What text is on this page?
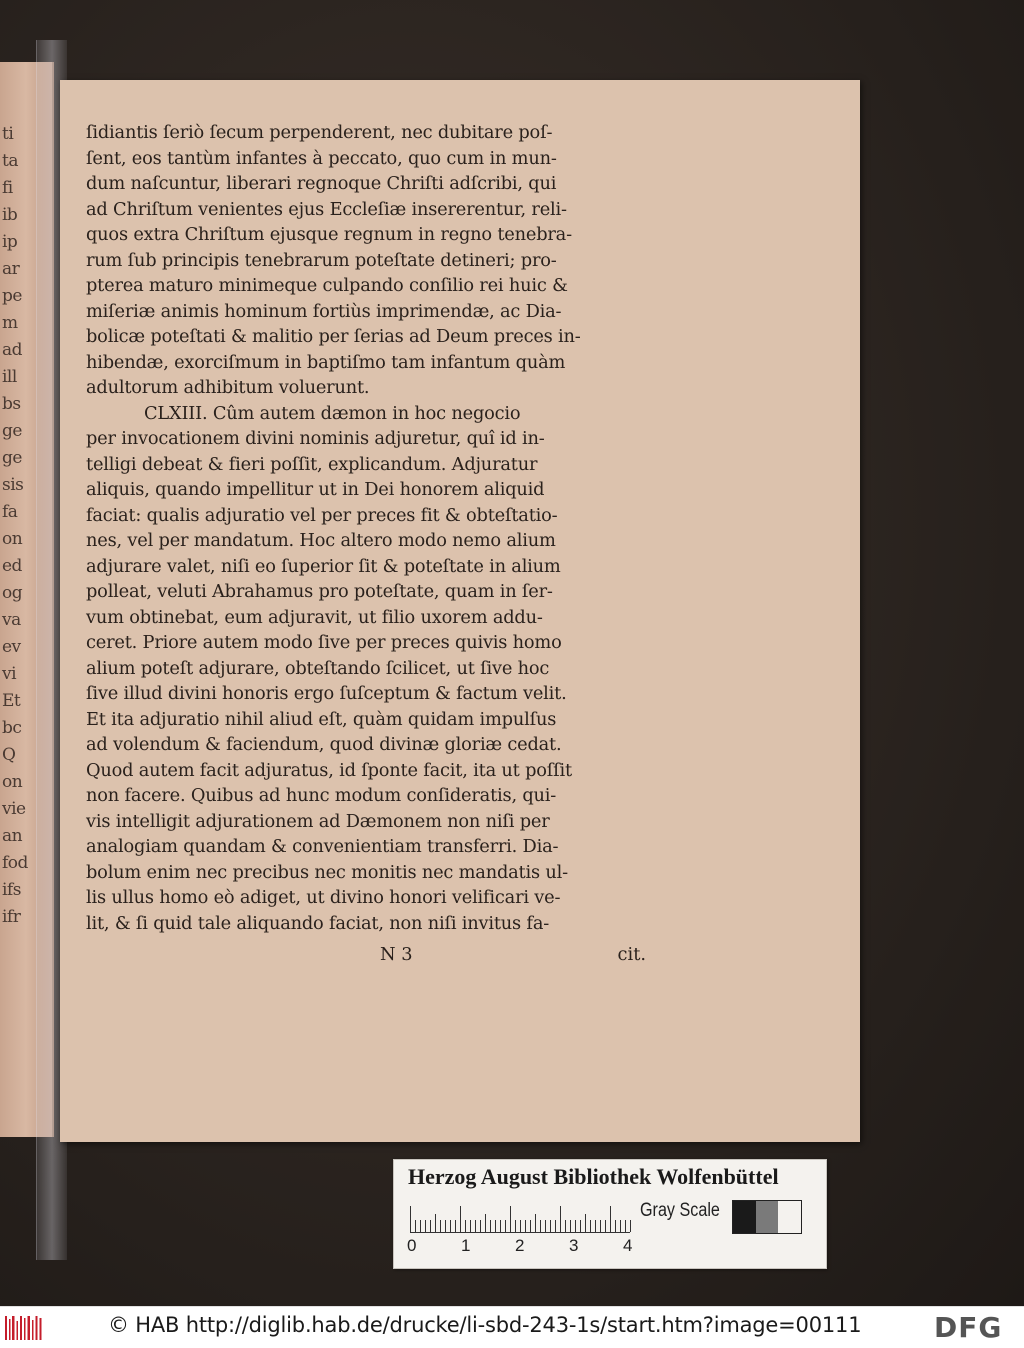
ti
ta
fi
ib
ip
ar
pe
m
ad
ill
bs
ge
ge
sis
fa
on
ed
og
va
ev
vi
Et
bc
Q
on
vie
an
fod
ifs
ifr
ſidiantis ſeriò ſecum perpenderent, nec dubitare poſ-
ſent, eos tantùm infantes à peccato, quo cum in mun-
dum naſcuntur, liberari regnoque Chriſti adſcribi, qui
ad Chriſtum venientes ejus Eccleſiæ insererentur, reli-
quos extra Chriſtum ejusque regnum in regno tenebra-
rum ſub principis tenebrarum poteſtate detineri; pro-
pterea maturo minimeque culpando conſilio rei huic &
miſeriæ animis hominum fortiùs imprimendæ, ac Dia-
bolicæ poteſtati & malitio per ſerias ad Deum preces in-
hibendæ, exorciſmum in baptiſmo tam infantum quàm
adultorum adhibitum voluerunt.
CLXIII. Cûm autem dæmon in hoc negocio
per invocationem divini nominis adjuretur, quî id in-
telligi debeat & fieri poſſit, explicandum. Adjuratur
aliquis, quando impellitur ut in Dei honorem aliquid
faciat: qualis adjuratio vel per preces fit & obteſtatio-
nes, vel per mandatum. Hoc altero modo nemo alium
adjurare valet, niſi eo ſuperior ſit & poteſtate in alium
polleat, veluti Abrahamus pro poteſtate, quam in ſer-
vum obtinebat, eum adjuravit, ut filio uxorem addu-
ceret. Priore autem modo ſive per preces quivis homo
alium poteſt adjurare, obteſtando ſcilicet, ut ſive hoc
ſive illud divini honoris ergo ſuſceptum & factum velit.
Et ita adjuratio nihil aliud eſt, quàm quidam impulſus
ad volendum & faciendum, quod divinæ gloriæ cedat.
Quod autem facit adjuratus, id ſponte facit, ita ut poſſit
non facere. Quibus ad hunc modum conſideratis, qui-
vis intelligit adjurationem ad Dæmonem non niſi per
analogiam quandam & convenientiam transferri. Dia-
bolum enim nec precibus nec monitis nec mandatis ul-
lis ullus homo eò adiget, ut divino honori velificari ve-
lit, & ſi quid tale aliquando faciat, non niſi invitus fa-
N 3	cit.
Herzog August Bibliothek Wolfenbüttel
0	1	2	3	4
Gray Scale
© HAB http://diglib.hab.de/drucke/li-sbd-243-1s/start.htm?image=00111	DFG
